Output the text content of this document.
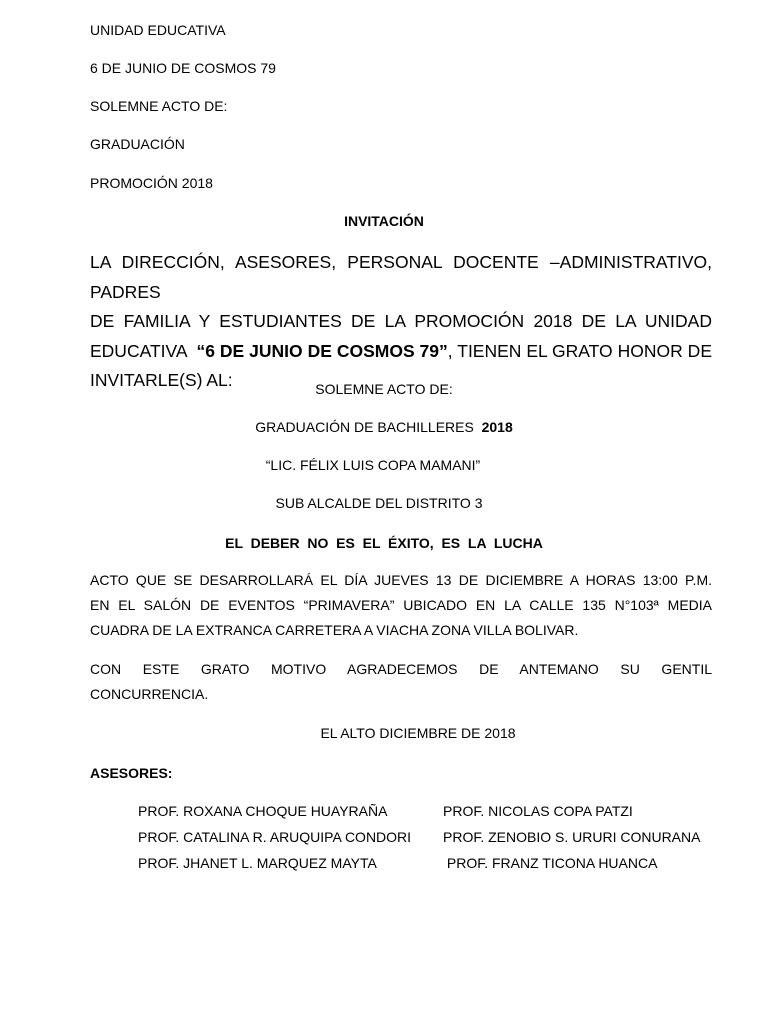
UNIDAD EDUCATIVA
6 DE JUNIO DE COSMOS 79
SOLEMNE ACTO DE:
GRADUACIÓN
PROMOCIÓN 2018
INVITACIÓN
LA DIRECCIÓN, ASESORES, PERSONAL DOCENTE –ADMINISTRATIVO, PADRES
DE FAMILIA Y ESTUDIANTES DE LA PROMOCIÓN 2018 DE LA UNIDAD
EDUCATIVA  “6 DE JUNIO DE COSMOS 79”, TIENEN EL GRATO HONOR DE
INVITARLE(S) AL:	SOLEMNE ACTO DE:
GRADUACIÓN DE BACHILLERES  2018
“LIC. FÉLIX LUIS COPA MAMANI”
SUB ALCALDE DEL DISTRITO 3
EL  DEBER  NO  ES  EL  ÉXITO,  ES  LA  LUCHA
ACTO QUE SE DESARROLLARÁ EL DÍA JUEVES 13 DE DICIEMBRE A HORAS 13:00 P.M.
EN EL SALÓN DE EVENTOS “PRIMAVERA” UBICADO EN LA CALLE 135 N°103ª MEDIA
CUADRA DE LA EXTRANCA CARRETERA A VIACHA ZONA VILLA BOLIVAR.
CON ESTE GRATO MOTIVO AGRADECEMOS DE ANTEMANO SU GENTIL
CONCURRENCIA.
EL ALTO DICIEMBRE DE 2018
ASESORES:
PROF. ROXANA CHOQUE HUAYRAÑA
PROF. CATALINA R. ARUQUIPA CONDORI
PROF. JHANET L. MARQUEZ MAYTA
PROF. NICOLAS COPA PATZI
PROF. ZENOBIO S. URURI CONURANA
PROF. FRANZ TICONA HUANCA
